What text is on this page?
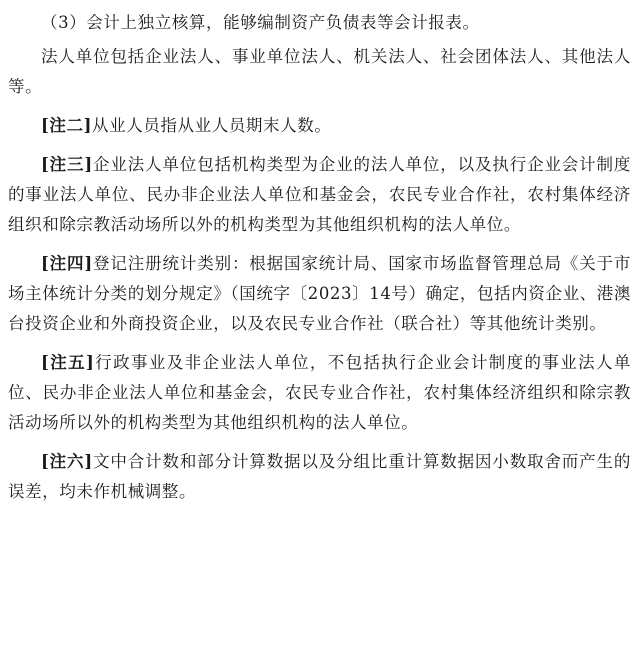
（3）会计上独立核算，能够编制资产负债表等会计报表。

法人单位包括企业法人、事业单位法人、机关法人、社会团体法人、其他法人等。

[注二]从业人员指从业人员期末人数。

[注三]企业法人单位包括机构类型为企业的法人单位，以及执行企业会计制度的事业法人单位、民办非企业法人单位和基金会，农民专业合作社，农村集体经济组织和除宗教活动场所以外的机构类型为其他组织机构的法人单位。

[注四]登记注册统计类别：根据国家统计局、国家市场监督管理总局《关于市场主体统计分类的划分规定》（国统字〔2023〕14号）确定，包括内资企业、港澳台投资企业和外商投资企业，以及农民专业合作社（联合社）等其他统计类别。

[注五]行政事业及非企业法人单位，不包括执行企业会计制度的事业法人单位、民办非企业法人单位和基金会，农民专业合作社，农村集体经济组织和除宗教活动场所以外的机构类型为其他组织机构的法人单位。

[注六]文中合计数和部分计算数据以及分组比重计算数据因小数取舍而产生的误差，均未作机械调整。
